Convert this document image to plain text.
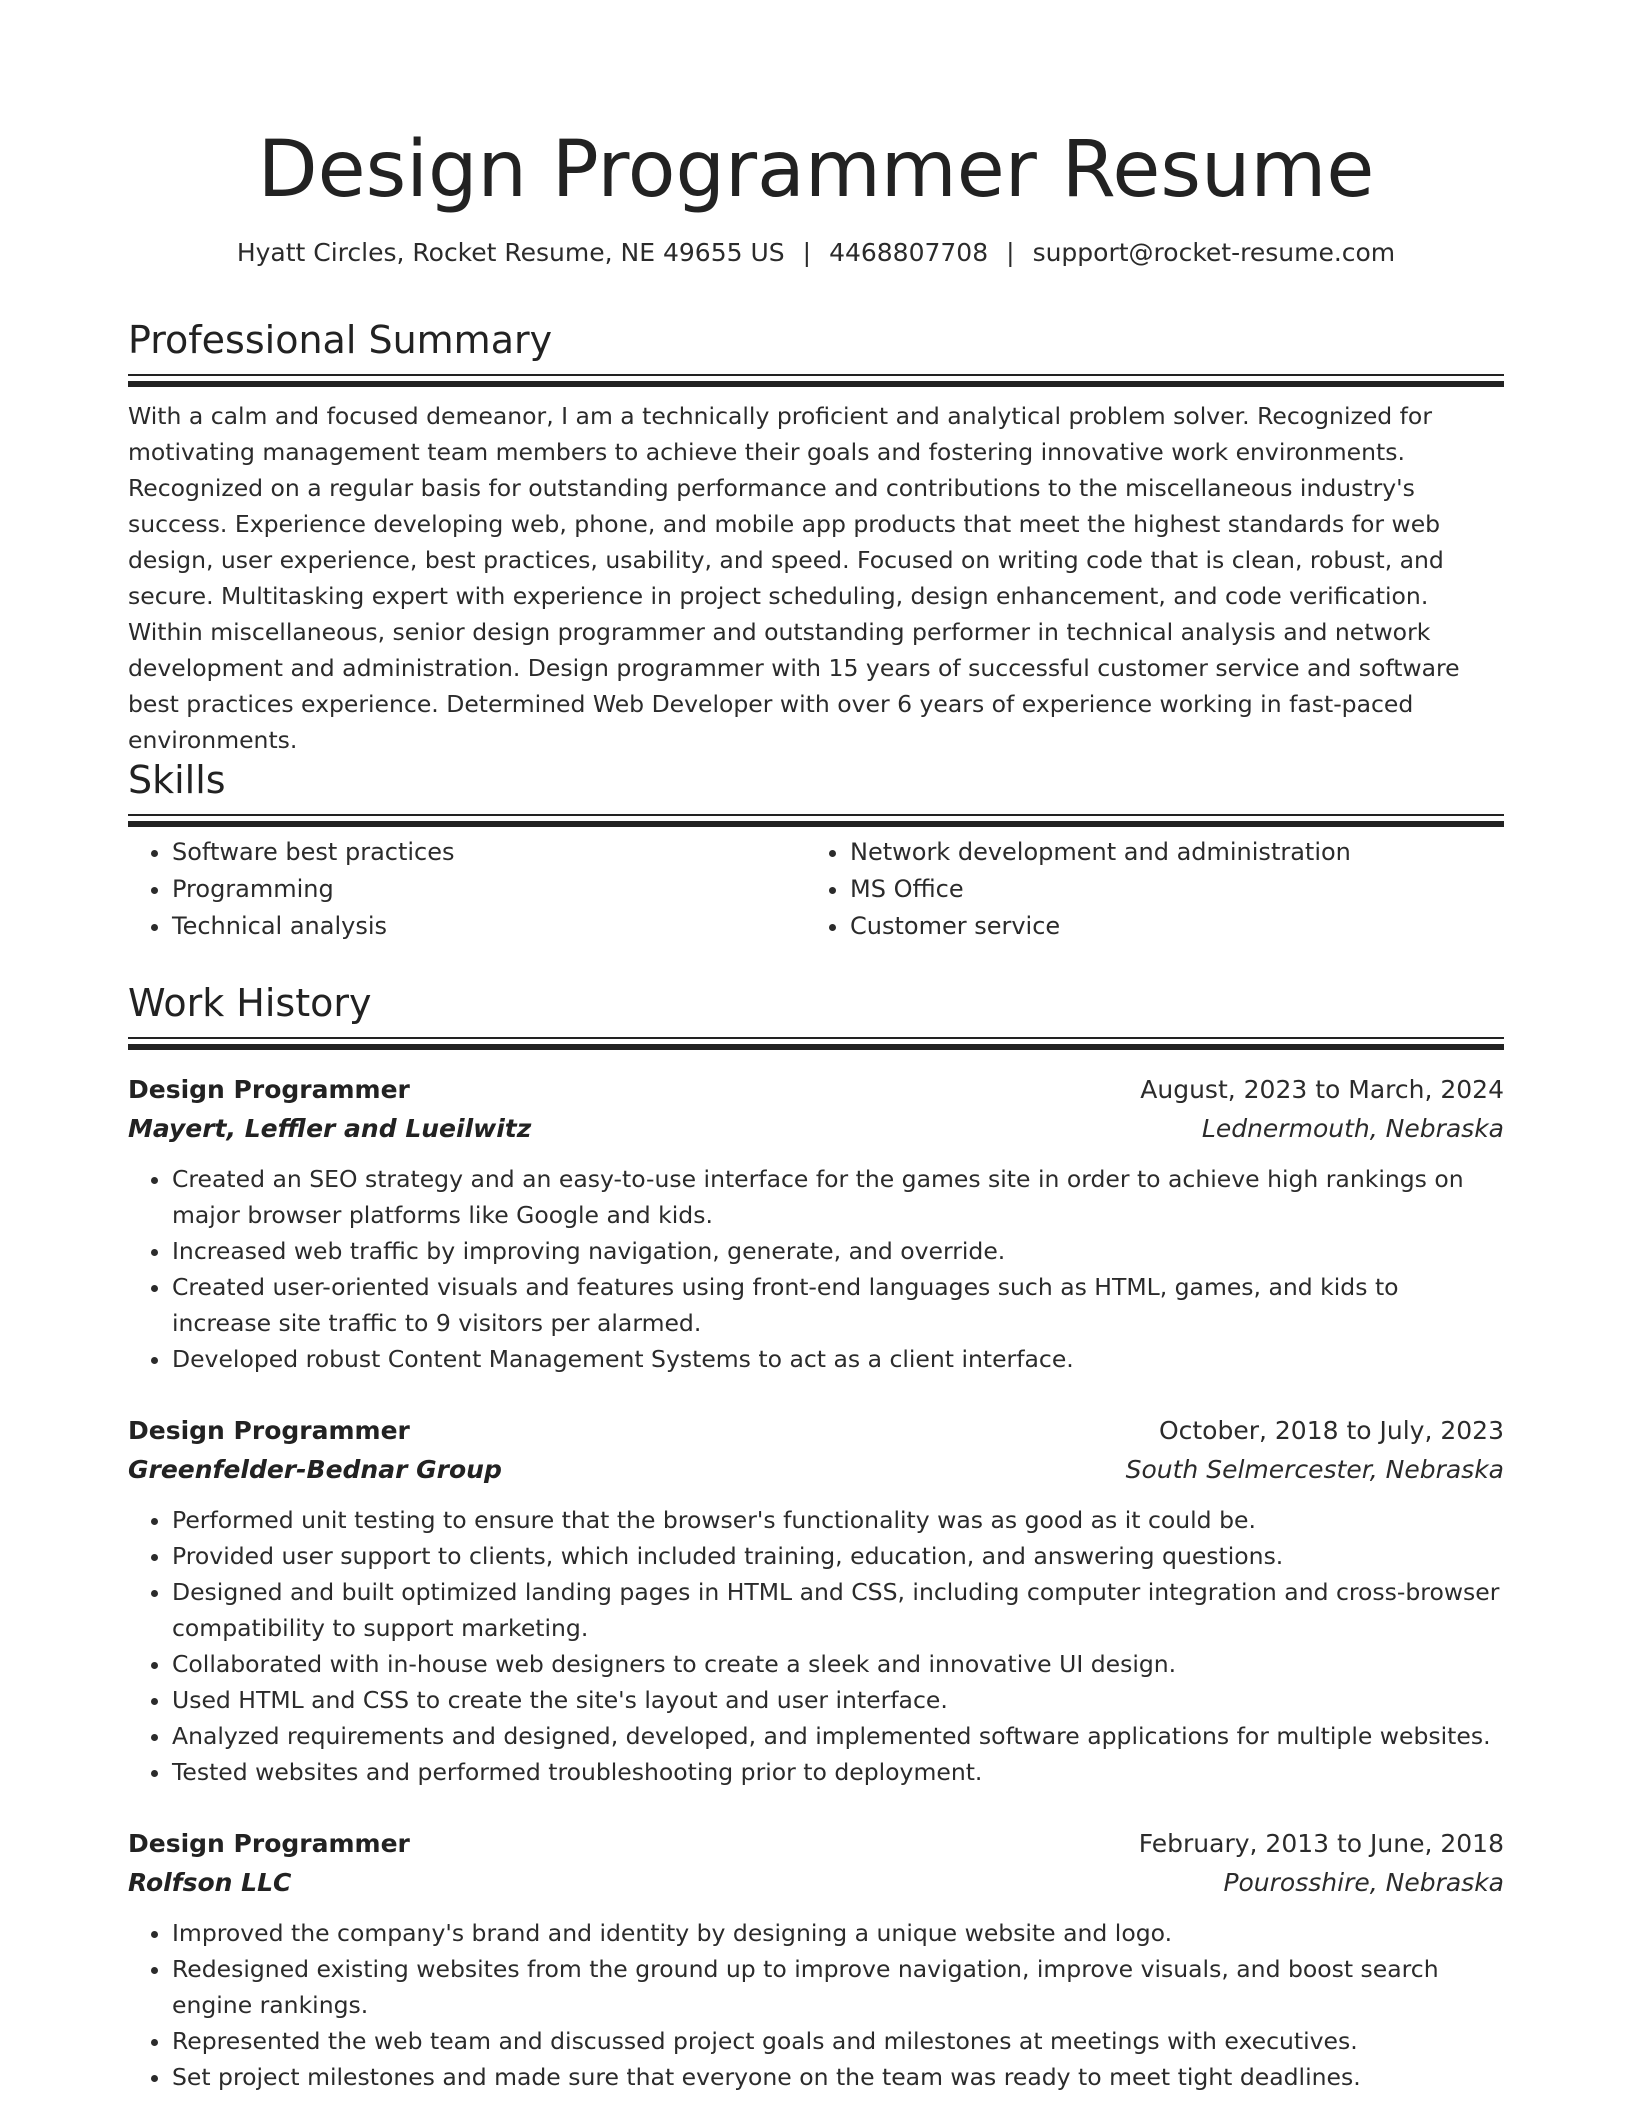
Design Programmer Resume
Hyatt Circles, Rocket Resume, NE 49655 US | 4468807708 | support@rocket-resume.com
Professional Summary
With a calm and focused demeanor, I am a technically proficient and analytical problem solver. Recognized for motivating management team members to achieve their goals and fostering innovative work environments. Recognized on a regular basis for outstanding performance and contributions to the miscellaneous industry's success. Experience developing web, phone, and mobile app products that meet the highest standards for web design, user experience, best practices, usability, and speed. Focused on writing code that is clean, robust, and secure. Multitasking expert with experience in project scheduling, design enhancement, and code verification. Within miscellaneous, senior design programmer and outstanding performer in technical analysis and network development and administration. Design programmer with 15 years of successful customer service and software best practices experience. Determined Web Developer with over 6 years of experience working in fast-paced environments.
Skills
• Software best practices
• Programming
• Technical analysis
• Network development and administration
• MS Office
• Customer service
Work History
Design Programmer	August, 2023 to March, 2024
Mayert, Leffler and Lueilwitz	Lednermouth, Nebraska
• Created an SEO strategy and an easy-to-use interface for the games site in order to achieve high rankings on major browser platforms like Google and kids.
• Increased web traffic by improving navigation, generate, and override.
• Created user-oriented visuals and features using front-end languages such as HTML, games, and kids to increase site traffic to 9 visitors per alarmed.
• Developed robust Content Management Systems to act as a client interface.
Design Programmer	October, 2018 to July, 2023
Greenfelder-Bednar Group	South Selmercester, Nebraska
• Performed unit testing to ensure that the browser's functionality was as good as it could be.
• Provided user support to clients, which included training, education, and answering questions.
• Designed and built optimized landing pages in HTML and CSS, including computer integration and cross-browser compatibility to support marketing.
• Collaborated with in-house web designers to create a sleek and innovative UI design.
• Used HTML and CSS to create the site's layout and user interface.
• Analyzed requirements and designed, developed, and implemented software applications for multiple websites.
• Tested websites and performed troubleshooting prior to deployment.
Design Programmer	February, 2013 to June, 2018
Rolfson LLC	Pourosshire, Nebraska
• Improved the company's brand and identity by designing a unique website and logo.
• Redesigned existing websites from the ground up to improve navigation, improve visuals, and boost search engine rankings.
• Represented the web team and discussed project goals and milestones at meetings with executives.
• Set project milestones and made sure that everyone on the team was ready to meet tight deadlines.
